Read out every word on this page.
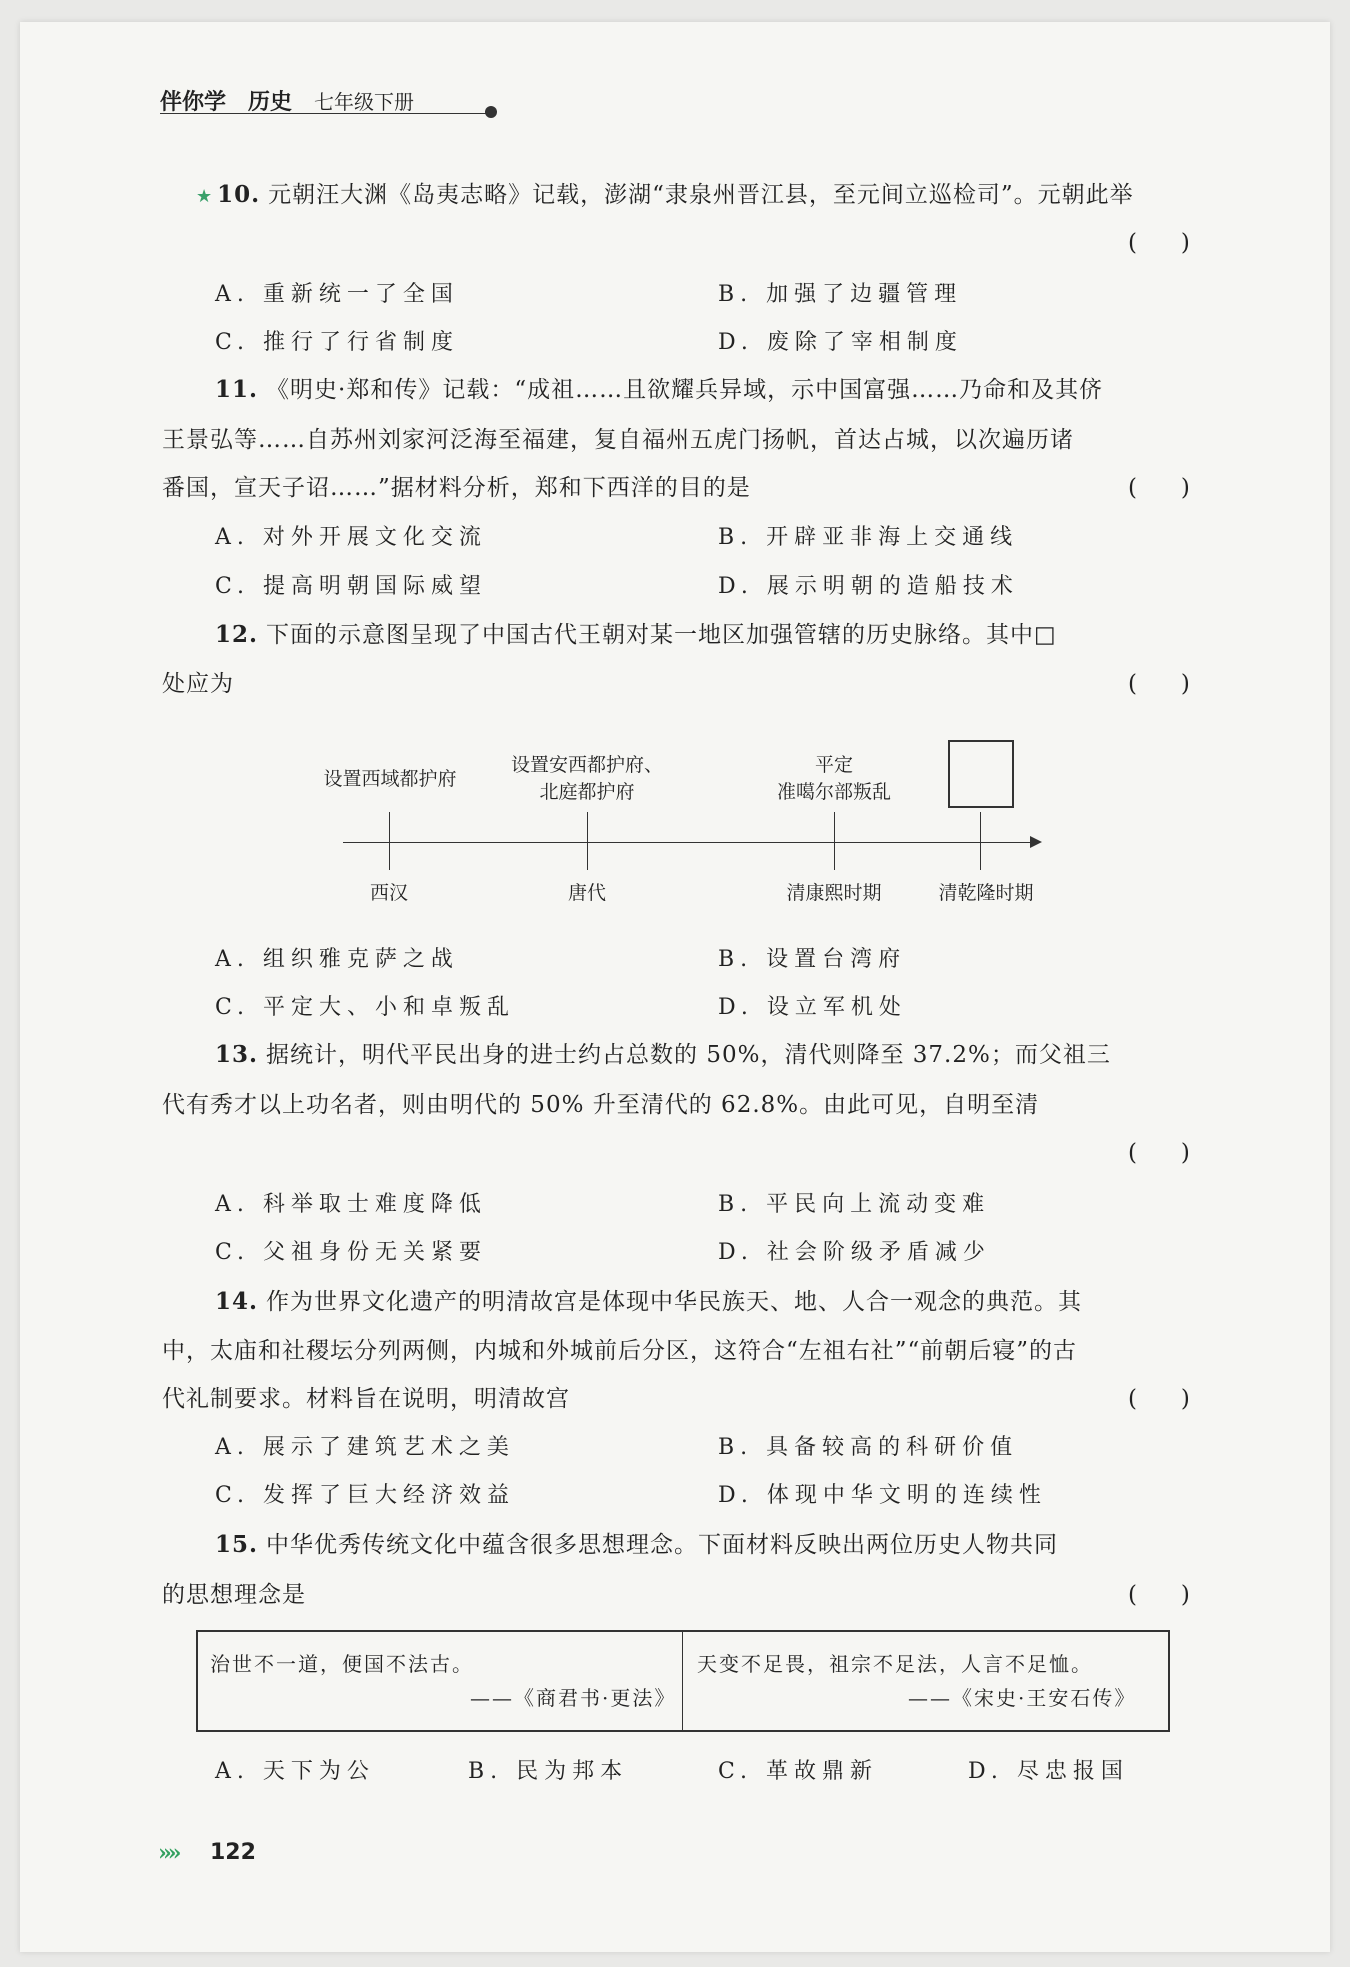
伴你学 历史 七年级下册
★ 10. 元朝汪大渊《岛夷志略》记载，澎湖“隶泉州晋江县，至元间立巡检司”。元朝此举
(      )
A. 重新统一了全国	B. 加强了边疆管理
C. 推行了行省制度	D. 废除了宰相制度
11. 《明史·郑和传》记载：“成祖……且欲耀兵异域，示中国富强……乃命和及其侪
王景弘等……自苏州刘家河泛海至福建，复自福州五虎门扬帆，首达占城，以次遍历诸
番国，宣天子诏……”据材料分析，郑和下西洋的目的是	(      )
A. 对外开展文化交流	B. 开辟亚非海上交通线
C. 提高明朝国际威望	D. 展示明朝的造船技术
12. 下面的示意图呈现了中国古代王朝对某一地区加强管辖的历史脉络。其中□
处应为	(      )
设置西域都护府
设置安西都护府、
北庭都护府
平定
准噶尔部叛乱
西汉	唐代	清康熙时期	清乾隆时期
A. 组织雅克萨之战	B. 设置台湾府
C. 平定大、小和卓叛乱	D. 设立军机处
13. 据统计，明代平民出身的进士约占总数的 50%，清代则降至 37.2%；而父祖三
代有秀才以上功名者，则由明代的 50% 升至清代的 62.8%。由此可见，自明至清
(      )
A. 科举取士难度降低	B. 平民向上流动变难
C. 父祖身份无关紧要	D. 社会阶级矛盾减少
14. 作为世界文化遗产的明清故宫是体现中华民族天、地、人合一观念的典范。其
中，太庙和社稷坛分列两侧，内城和外城前后分区，这符合“左祖右社”“前朝后寝”的古
代礼制要求。材料旨在说明，明清故宫	(      )
A. 展示了建筑艺术之美	B. 具备较高的科研价值
C. 发挥了巨大经济效益	D. 体现中华文明的连续性
15. 中华优秀传统文化中蕴含很多思想理念。下面材料反映出两位历史人物共同
的思想理念是	(      )
治世不一道，便国不法古。
——《商君书·更法》
天变不足畏，祖宗不足法，人言不足恤。
——《宋史·王安石传》
A. 天下为公	B. 民为邦本	C. 革故鼎新	D. 尽忠报国
»» 122
